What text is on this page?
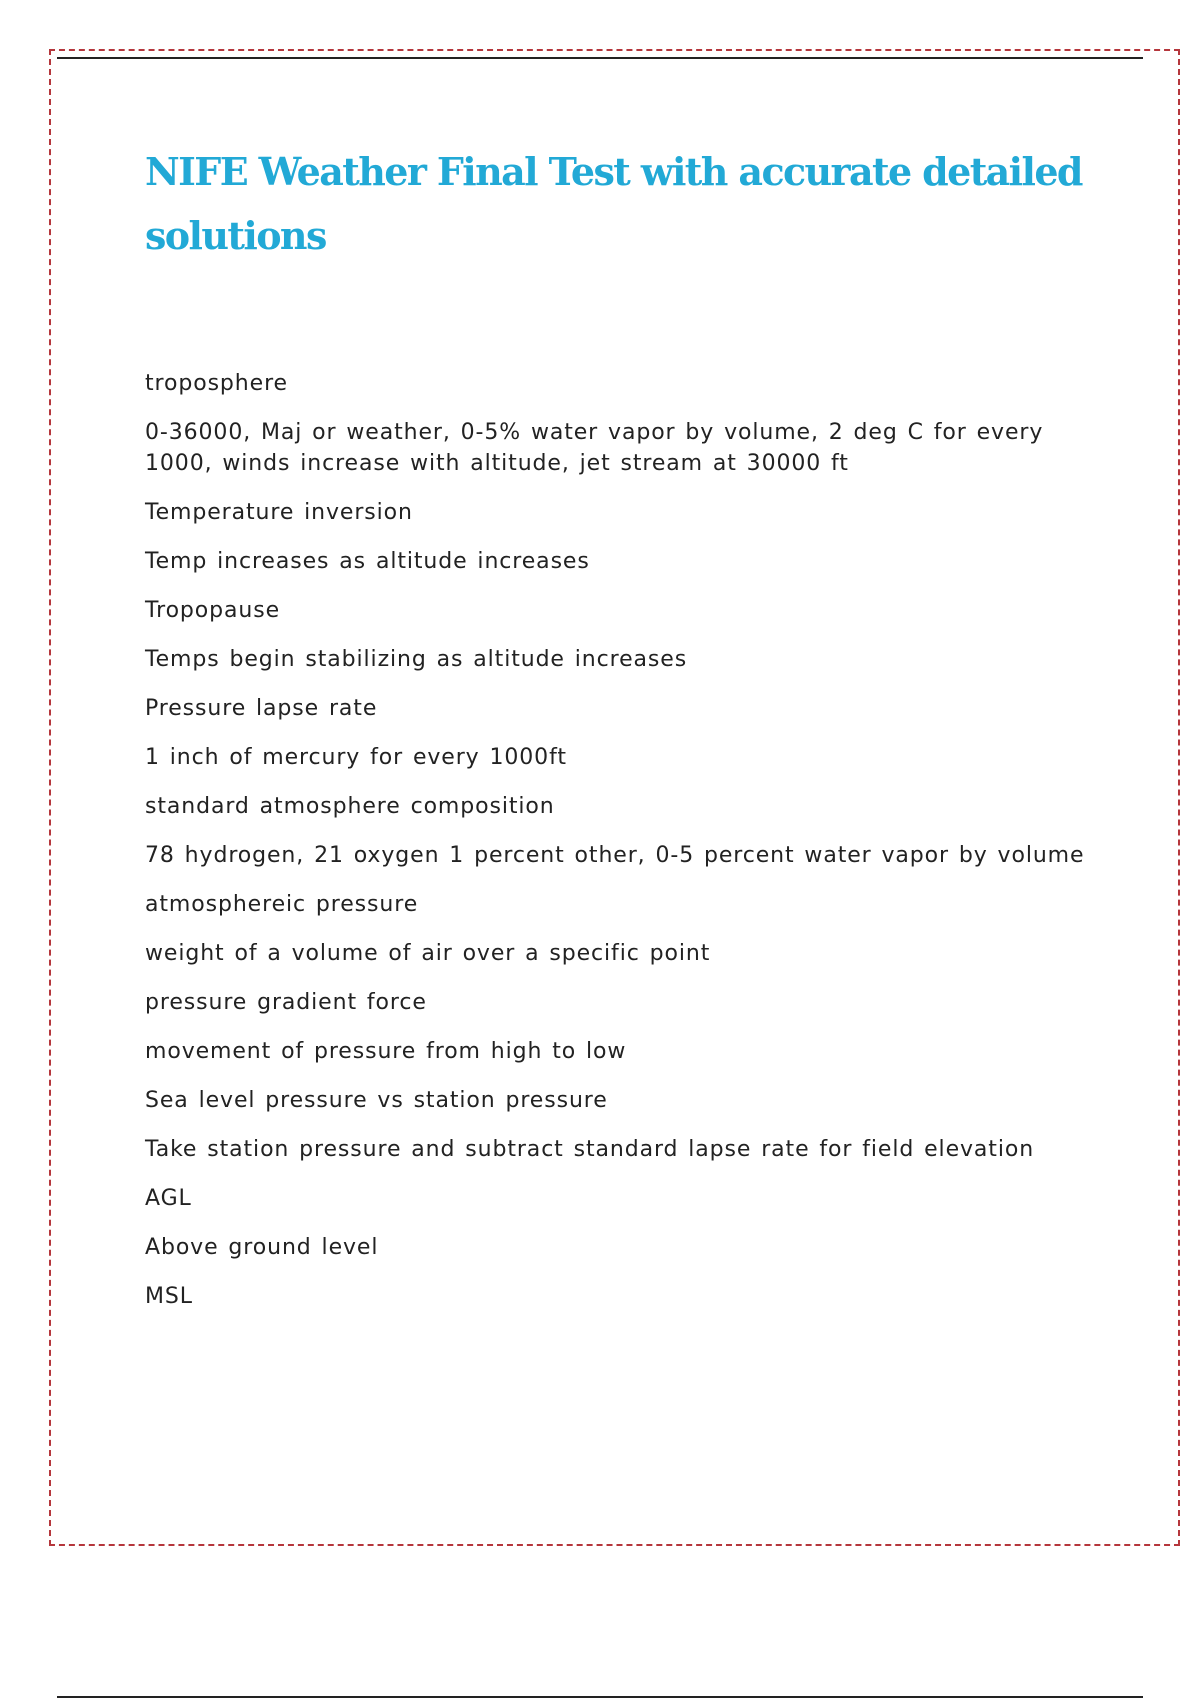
NIFE Weather Final Test with accurate detailed solutions

troposphere

0-36000, Maj or weather, 0-5% water vapor by volume, 2 deg C for every 1000, winds increase with altitude, jet stream at 30000 ft

Temperature inversion

Temp increases as altitude increases

Tropopause

Temps begin stabilizing as altitude increases

Pressure lapse rate

1 inch of mercury for every 1000ft

standard atmosphere composition

78 hydrogen, 21 oxygen 1 percent other, 0-5 percent water vapor by volume

atmosphereic pressure

weight of a volume of air over a specific point

pressure gradient force

movement of pressure from high to low

Sea level pressure vs station pressure

Take station pressure and subtract standard lapse rate for field elevation

AGL

Above ground level

MSL
